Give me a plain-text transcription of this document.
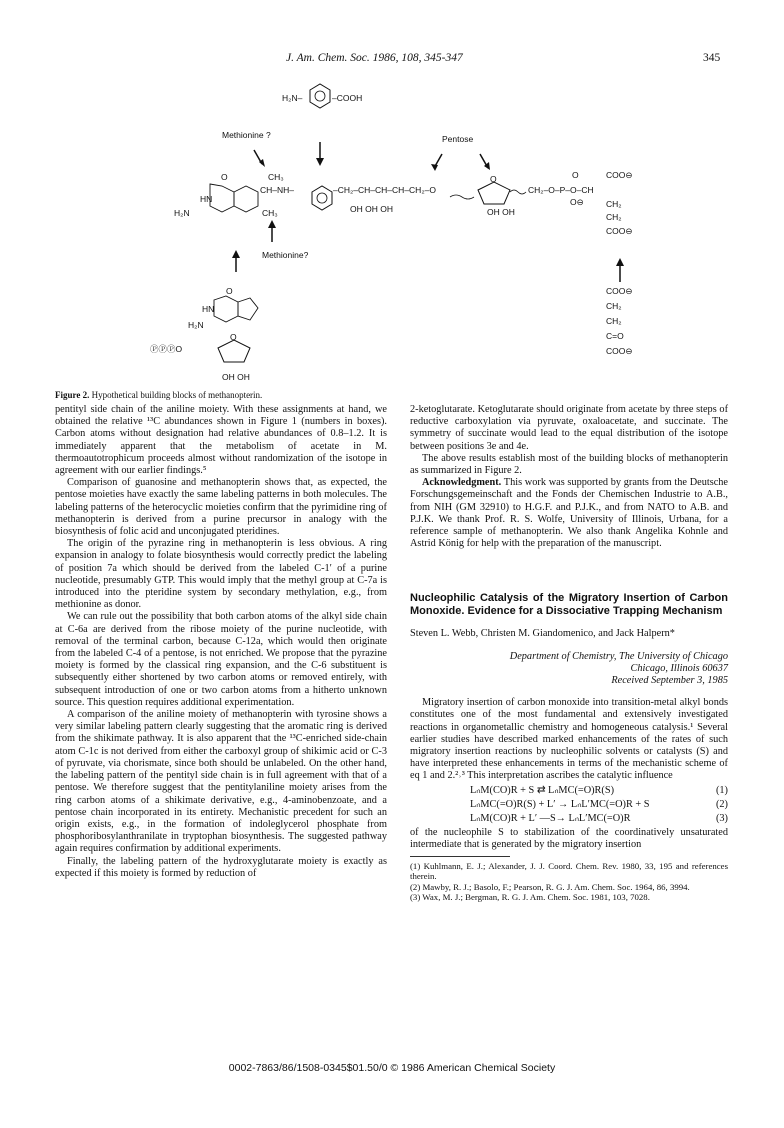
J. Am. Chem. Soc. 1986, 108, 345-347	345
H₂N–	–COOH
Methionine ?	Pentose
CH₃
O
CH–NH–
HN
H₂N	CH₃
–CH₂–CH–CH–CH–CH₂–O
OH OH OH
O
OH OH
CH₂–O–P–O–CH
O
O⊖
COO⊖
CH₂
CH₂
COO⊖
Methionine?
O
HN
H₂N
ⓅⓅⓅO
O
OH OH
COO⊖
CH₂
CH₂
C=O
COO⊖
Figure 2. Hypothetical building blocks of methanopterin.

pentityl side chain of the aniline moiety. With these assignments at hand, we obtained the relative ¹³C abundances shown in Figure 1 (numbers in boxes). Carbon atoms without designation had relative abundances of 0.8–1.2. It is immediately apparent that the metabolism of acetate in M. thermoautotrophicum proceeds almost without randomization of the isotope in agreement with our earlier findings.⁵

Comparison of guanosine and methanopterin shows that, as expected, the pentose moieties have exactly the same labeling patterns in both molecules. The labeling patterns of the heterocyclic moieties confirm that the pyrimidine ring of methanopterin is derived from a purine precursor in analogy with the biosynthesis of folic acid and unconjugated pteridines.

The origin of the pyrazine ring in methanopterin is less obvious. A ring expansion in analogy to folate biosynthesis would correctly predict the labeling of position 7a which should be derived from the labeled C-1′ of a purine nucleotide, presumably GTP. This would imply that the methyl group at C-7a is introduced into the pteridine system by secondary methylation, e.g., from methionine as donor.

We can rule out the possibility that both carbon atoms of the alkyl side chain at C-6a are derived from the ribose moiety of the purine nucleotide, with removal of the terminal carbon, because C-12a, which would then originate from the labeled C-4 of a pentose, is not enriched. We propose that the pyrazine moiety is formed by the classical ring expansion, and the C-6 substituent is subsequently either shortened by two carbon atoms or removed entirely, with subsequent introduction of one or two carbon atoms from a hitherto unknown source. This question requires additional experimentation.

A comparison of the aniline moiety of methanopterin with tyrosine shows a very similar labeling pattern clearly suggesting that the aromatic ring is derived from the shikimate pathway. It is also apparent that the ¹³C-enriched side-chain atom C-1c is not derived from either the carboxyl group of shikimic acid or C-3 of pyruvate, via chorismate, since both should be unlabeled. On the other hand, the labeling pattern of the pentityl side chain is in full agreement with that of a pentose. We therefore suggest that the pentitylaniline moiety arises from the ring carbon atoms of a shikimate derivative, e.g., 4-aminobenzoate, and a pentose chain incorporated in its entirety. Mechanistic precedent for such an origin exists, e.g., in the formation of indoleglycerol phosphate from phosphoribosylanthranilate in tryptophan biosynthesis. The suggested pathway again requires confirmation by additional experiments.

Finally, the labeling pattern of the hydroxyglutarate moiety is exactly as expected if this moiety is formed by reduction of

2-ketoglutarate. Ketoglutarate should originate from acetate by three steps of reductive carboxylation via pyruvate, oxaloacetate, and succinate. The symmetry of succinate would lead to the equal distribution of the isotope between positions 3e and 4e.

The above results establish most of the building blocks of methanopterin as summarized in Figure 2.

Acknowledgment. This work was supported by grants from the Deutsche Forschungsgemeinschaft and the Fonds der Chemischen Industrie to A.B., from NIH (GM 32910) to H.G.F. and P.J.K., and from NATO to A.B. and P.J.K. We thank Prof. R. S. Wolfe, University of Illinois, Urbana, for a reference sample of methanopterin. We also thank Angelika Kohnle and Astrid König for help with the preparation of the manuscript.

Nucleophilic Catalysis of the Migratory Insertion of Carbon Monoxide. Evidence for a Dissociative Trapping Mechanism
Steven L. Webb, Christen M. Giandomenico, and Jack Halpern*
Department of Chemistry, The University of Chicago
Chicago, Illinois 60637
Received September 3, 1985

Migratory insertion of carbon monoxide into transition-metal alkyl bonds constitutes one of the most fundamental and extensively investigated reactions in organometallic chemistry and homogeneous catalysis.¹ Several earlier studies have described marked enhancements of the rates of such migratory insertion reactions by nucleophilic solvents or catalysts (S) and have interpreted these enhancements in terms of the mechanistic scheme of eq 1 and 2.²˒³ This interpretation ascribes the catalytic influence

LₙM(CO)R + S ⇄ LₙMC(=O)R(S)	(1)
LₙMC(=O)R(S) + L′ → LₙL′MC(=O)R + S	(2)
LₙM(CO)R + L′ —S→ LₙL′MC(=O)R	(3)

of the nucleophile S to stabilization of the coordinatively unsaturated intermediate that is generated by the migratory insertion

(1) Kuhlmann, E. J.; Alexander, J. J. Coord. Chem. Rev. 1980, 33, 195 and references therein.
(2) Mawby, R. J.; Basolo, F.; Pearson, R. G. J. Am. Chem. Soc. 1964, 86, 3994.
(3) Wax, M. J.; Bergman, R. G. J. Am. Chem. Soc. 1981, 103, 7028.
0002-7863/86/1508-0345$01.50/0 © 1986 American Chemical Society
